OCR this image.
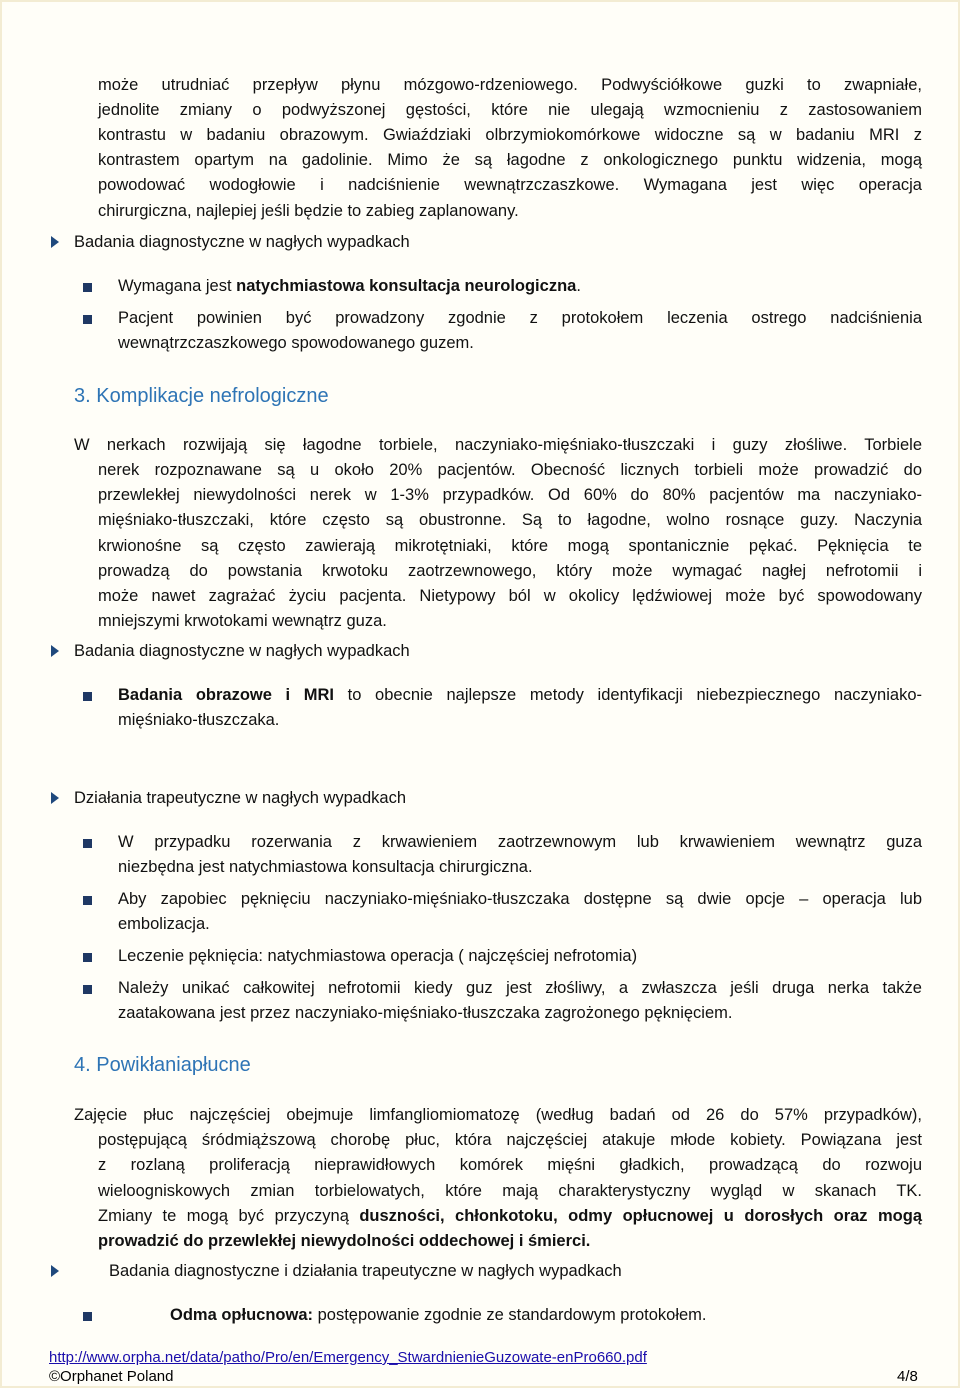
może utrudniać przepływ płynu mózgowo-rdzeniowego. Podwyściółkowe guzki to zwapniałe,
jednolite zmiany o podwyższonej gęstości, które nie ulegają wzmocnieniu z zastosowaniem
kontrastu w badaniu obrazowym. Gwiaździaki olbrzymiokomórkowe widoczne są w badaniu MRI z
kontrastem opartym na gadolinie. Mimo że są łagodne z onkologicznego punktu widzenia, mogą
powodować wodogłowie i nadciśnienie wewnątrzczaszkowe. Wymagana jest więc operacja
chirurgiczna, najlepiej jeśli będzie to zabieg zaplanowany.
Badania diagnostyczne w nagłych wypadkach
Wymagana jest natychmiastowa konsultacja neurologiczna.
Pacjent powinien być prowadzony zgodnie z protokołem leczenia ostrego nadciśnienia
wewnątrzczaszkowego spowodowanego guzem.
3. Komplikacje nefrologiczne
W nerkach rozwijają się łagodne torbiele, naczyniako-mięśniako-tłuszczaki i guzy złośliwe. Torbiele
nerek rozpoznawane są u około 20% pacjentów. Obecność licznych torbieli może prowadzić do
przewlekłej niewydolności nerek w 1-3% przypadków. Od 60% do 80% pacjentów ma naczyniako-
mięśniako-tłuszczaki, które często są obustronne. Są to łagodne, wolno rosnące guzy. Naczynia
krwionośne są często zawierają mikrotętniaki, które mogą spontanicznie pękać. Pęknięcia te
prowadzą do powstania krwotoku zaotrzewnowego, który może wymagać nagłej nefrotomii i
może nawet zagrażać życiu pacjenta. Nietypowy ból w okolicy lędźwiowej może być spowodowany
mniejszymi krwotokami wewnątrz guza.
Badania diagnostyczne w nagłych wypadkach
Badania obrazowe i MRI to obecnie najlepsze metody identyfikacji niebezpiecznego naczyniako-
mięśniako-tłuszczaka.
Działania trapeutyczne w nagłych wypadkach
W przypadku rozerwania z krwawieniem zaotrzewnowym lub krwawieniem wewnątrz guza
niezbędna jest natychmiastowa konsultacja chirurgiczna.
Aby zapobiec pęknięciu naczyniako-mięśniako-tłuszczaka dostępne są dwie opcje – operacja lub
embolizacja.
Leczenie pęknięcia: natychmiastowa operacja ( najczęściej nefrotomia)
Należy unikać całkowitej nefrotomii kiedy guz jest złośliwy, a zwłaszcza jeśli druga nerka także
zaatakowana jest przez naczyniako-mięśniako-tłuszczaka zagrożonego pęknięciem.
4. Powikłaniapłucne
Zajęcie płuc najczęściej obejmuje limfangliomiomatozę (według badań od 26 do 57% przypadków),
postępującą śródmiąższową chorobę płuc, która najczęściej atakuje młode kobiety. Powiązana jest
z rozlaną proliferacją nieprawidłowych komórek mięśni gładkich, prowadzącą do rozwoju
wieloogniskowych zmian torbielowatych, które mają charakterystyczny wygląd w skanach TK.
Zmiany te mogą być przyczyną duszności, chłonkotoku, odmy opłucnowej u dorosłych oraz mogą
prowadzić do przewlekłej niewydolności oddechowej i śmierci.
Badania diagnostyczne i działania trapeutyczne w nagłych wypadkach
Odma opłucnowa: postępowanie zgodnie ze standardowym protokołem.
http://www.orpha.net/data/patho/Pro/en/Emergency_StwardnienieGuzowate-enPro660.pdf
©Orphanet Poland	4/8
